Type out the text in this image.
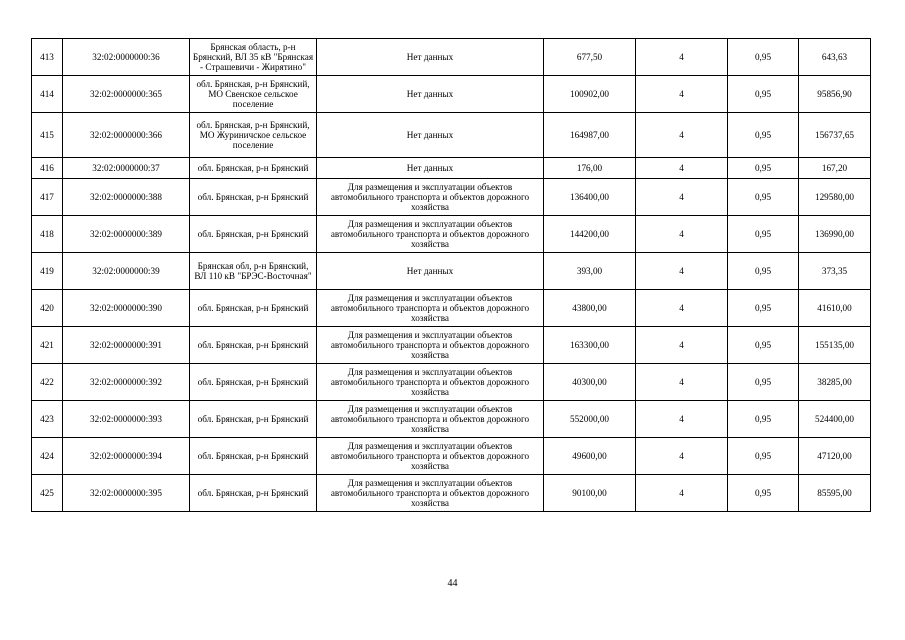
413	32:02:0000000:36	Брянская область, р-н Брянский, ВЛ 35 кВ "Брянская - Страшевичи - Жирятино"	Нет данных	677,50	4	0,95	643,63
414	32:02:0000000:365	обл. Брянская, р-н Брянский, МО Свенское сельское поселение	Нет данных	100902,00	4	0,95	95856,90
415	32:02:0000000:366	обл. Брянская, р-н Брянский, МО Журиничское сельское поселение	Нет данных	164987,00	4	0,95	156737,65
416	32:02:0000000:37	обл. Брянская, р-н Брянский	Нет данных	176,00	4	0,95	167,20
417	32:02:0000000:388	обл. Брянская, р-н Брянский	Для размещения и эксплуатации объектов автомобильного транспорта и объектов дорожного хозяйства	136400,00	4	0,95	129580,00
418	32:02:0000000:389	обл. Брянская, р-н Брянский	Для размещения и эксплуатации объектов автомобильного транспорта и объектов дорожного хозяйства	144200,00	4	0,95	136990,00
419	32:02:0000000:39	Брянская обл, р-н Брянский, ВЛ 110 кВ "БРЭС-Восточная"	Нет данных	393,00	4	0,95	373,35
420	32:02:0000000:390	обл. Брянская, р-н Брянский	Для размещения и эксплуатации объектов автомобильного транспорта и объектов дорожного хозяйства	43800,00	4	0,95	41610,00
421	32:02:0000000:391	обл. Брянская, р-н Брянский	Для размещения и эксплуатации объектов автомобильного транспорта и объектов дорожного хозяйства	163300,00	4	0,95	155135,00
422	32:02:0000000:392	обл. Брянская, р-н Брянский	Для размещения и эксплуатации объектов автомобильного транспорта и объектов дорожного хозяйства	40300,00	4	0,95	38285,00
423	32:02:0000000:393	обл. Брянская, р-н Брянский	Для размещения и эксплуатации объектов автомобильного транспорта и объектов дорожного хозяйства	552000,00	4	0,95	524400,00
424	32:02:0000000:394	обл. Брянская, р-н Брянский	Для размещения и эксплуатации объектов автомобильного транспорта и объектов дорожного хозяйства	49600,00	4	0,95	47120,00
425	32:02:0000000:395	обл. Брянская, р-н Брянский	Для размещения и эксплуатации объектов автомобильного транспорта и объектов дорожного хозяйства	90100,00	4	0,95	85595,00
44
